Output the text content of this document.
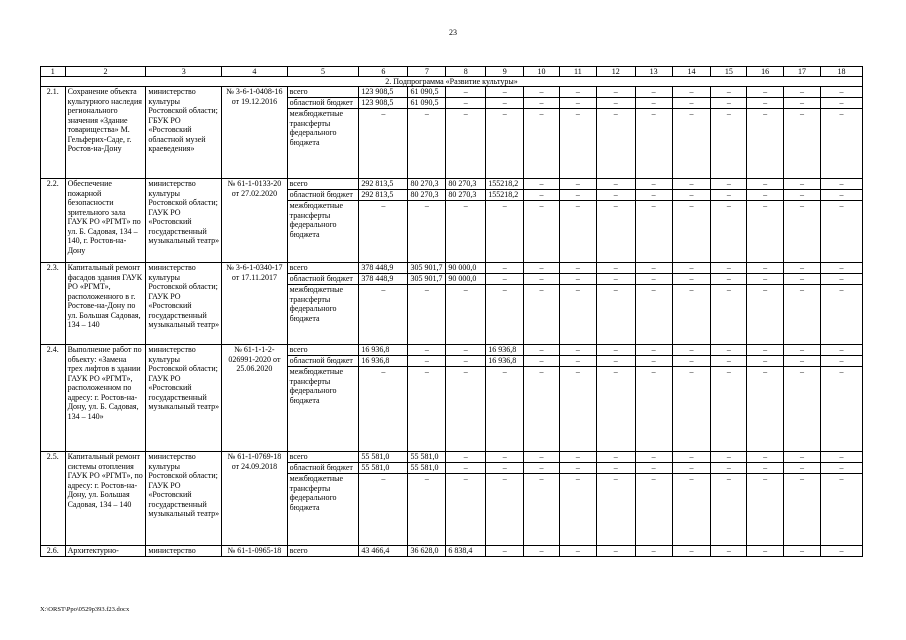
23
1	2	3	4	5	6	7	8	9	10	11	12	13	14	15	16	17	18
2. Подпрограмма «Развитие культуры»																	
2.1.	Сохранение объекта культурного наследия регионального значения «Здание товарищества» М. Гельферих-Саде, г. Ростов-на-Дону	министерство культуры Ростовской области; ГБУК РО «Ростовский областной музей краеведения»	№ 3-6-1-0408-16 от 19.12.2016	всего	123 908,5	61 090,5	–	–	–	–	–	–	–	–	–	–	–
				областной бюджет	123 908,5	61 090,5	–	–	–	–	–	–	–	–	–	–	–
				межбюджетные трансферты федерального бюджета	–	–	–	–	–	–	–	–	–	–	–	–	–
2.2.	Обеспечение пожарной безопасности зрительного зала ГАУК РО «РГМТ» по ул. Б. Садовая, 134 – 140, г. Ростов-на-Дону	министерство культуры Ростовской области; ГАУК РО «Ростовский государственный музыкальный театр»	№ 61-1-0133-20 от 27.02.2020	всего	292 813,5	80 270,3	80 270,3	155218,2	–	–	–	–	–	–	–	–	–
				областной бюджет	292 813,5	80 270,3	80 270,3	155218,2	–	–	–	–	–	–	–	–	–
				межбюджетные трансферты федерального бюджета	–	–	–	–	–	–	–	–	–	–	–	–	–
2.3.	Капитальный ремонт фасадов здания ГАУК РО «РГМТ», расположенного в г. Ростове-на-Дону по ул. Большая Садовая, 134 – 140	министерство культуры Ростовской области; ГАУК РО «Ростовский государственный музыкальный театр»	№ 3-6-1-0340-17 от 17.11.2017	всего	378 448,9	305 901,7	90 000,0	–	–	–	–	–	–	–	–	–	–
				областной бюджет	378 448,9	305 901,7	90 000,0	–	–	–	–	–	–	–	–	–	–
				межбюджетные трансферты федерального бюджета	–	–	–	–	–	–	–	–	–	–	–	–	–
2.4.	Выполнение работ по объекту: «Замена трех лифтов в здании ГАУК РО «РГМТ», расположенном по адресу: г. Ростов-на-Дону, ул. Б. Садовая, 134 – 140»	министерство культуры Ростовской области; ГАУК РО «Ростовский государственный музыкальный театр»	№ 61-1-1-2-026991-2020 от 25.06.2020	всего	16 936,8	–	–	16 936,8	–	–	–	–	–	–	–	–	–
				областной бюджет	16 936,8	–	–	16 936,8	–	–	–	–	–	–	–	–	–
				межбюджетные трансферты федерального бюджета	–	–	–	–	–	–	–	–	–	–	–	–	–
2.5.	Капитальный ремонт системы отопления ГАУК РО «РГМТ», по адресу: г. Ростов-на-Дону, ул. Большая Садовая, 134 – 140	министерство культуры Ростовской области; ГАУК РО «Ростовский государственный музыкальный театр»	№ 61-1-0769-18 от 24.09.2018	всего	55 581,0	55 581,0	–	–	–	–	–	–	–	–	–	–	–
				областной бюджет	55 581,0	55 581,0	–	–	–	–	–	–	–	–	–	–	–
				межбюджетные трансферты федерального бюджета	–	–	–	–	–	–	–	–	–	–	–	–	–
2.6.	Архитектурно-	министерство	№ 61-1-0965-18	всего	43 466,4	36 628,0	6 838,4	–	–	–	–	–	–	–	–	–	–
X:\ORST\Ppo\0529p393.f23.docx
